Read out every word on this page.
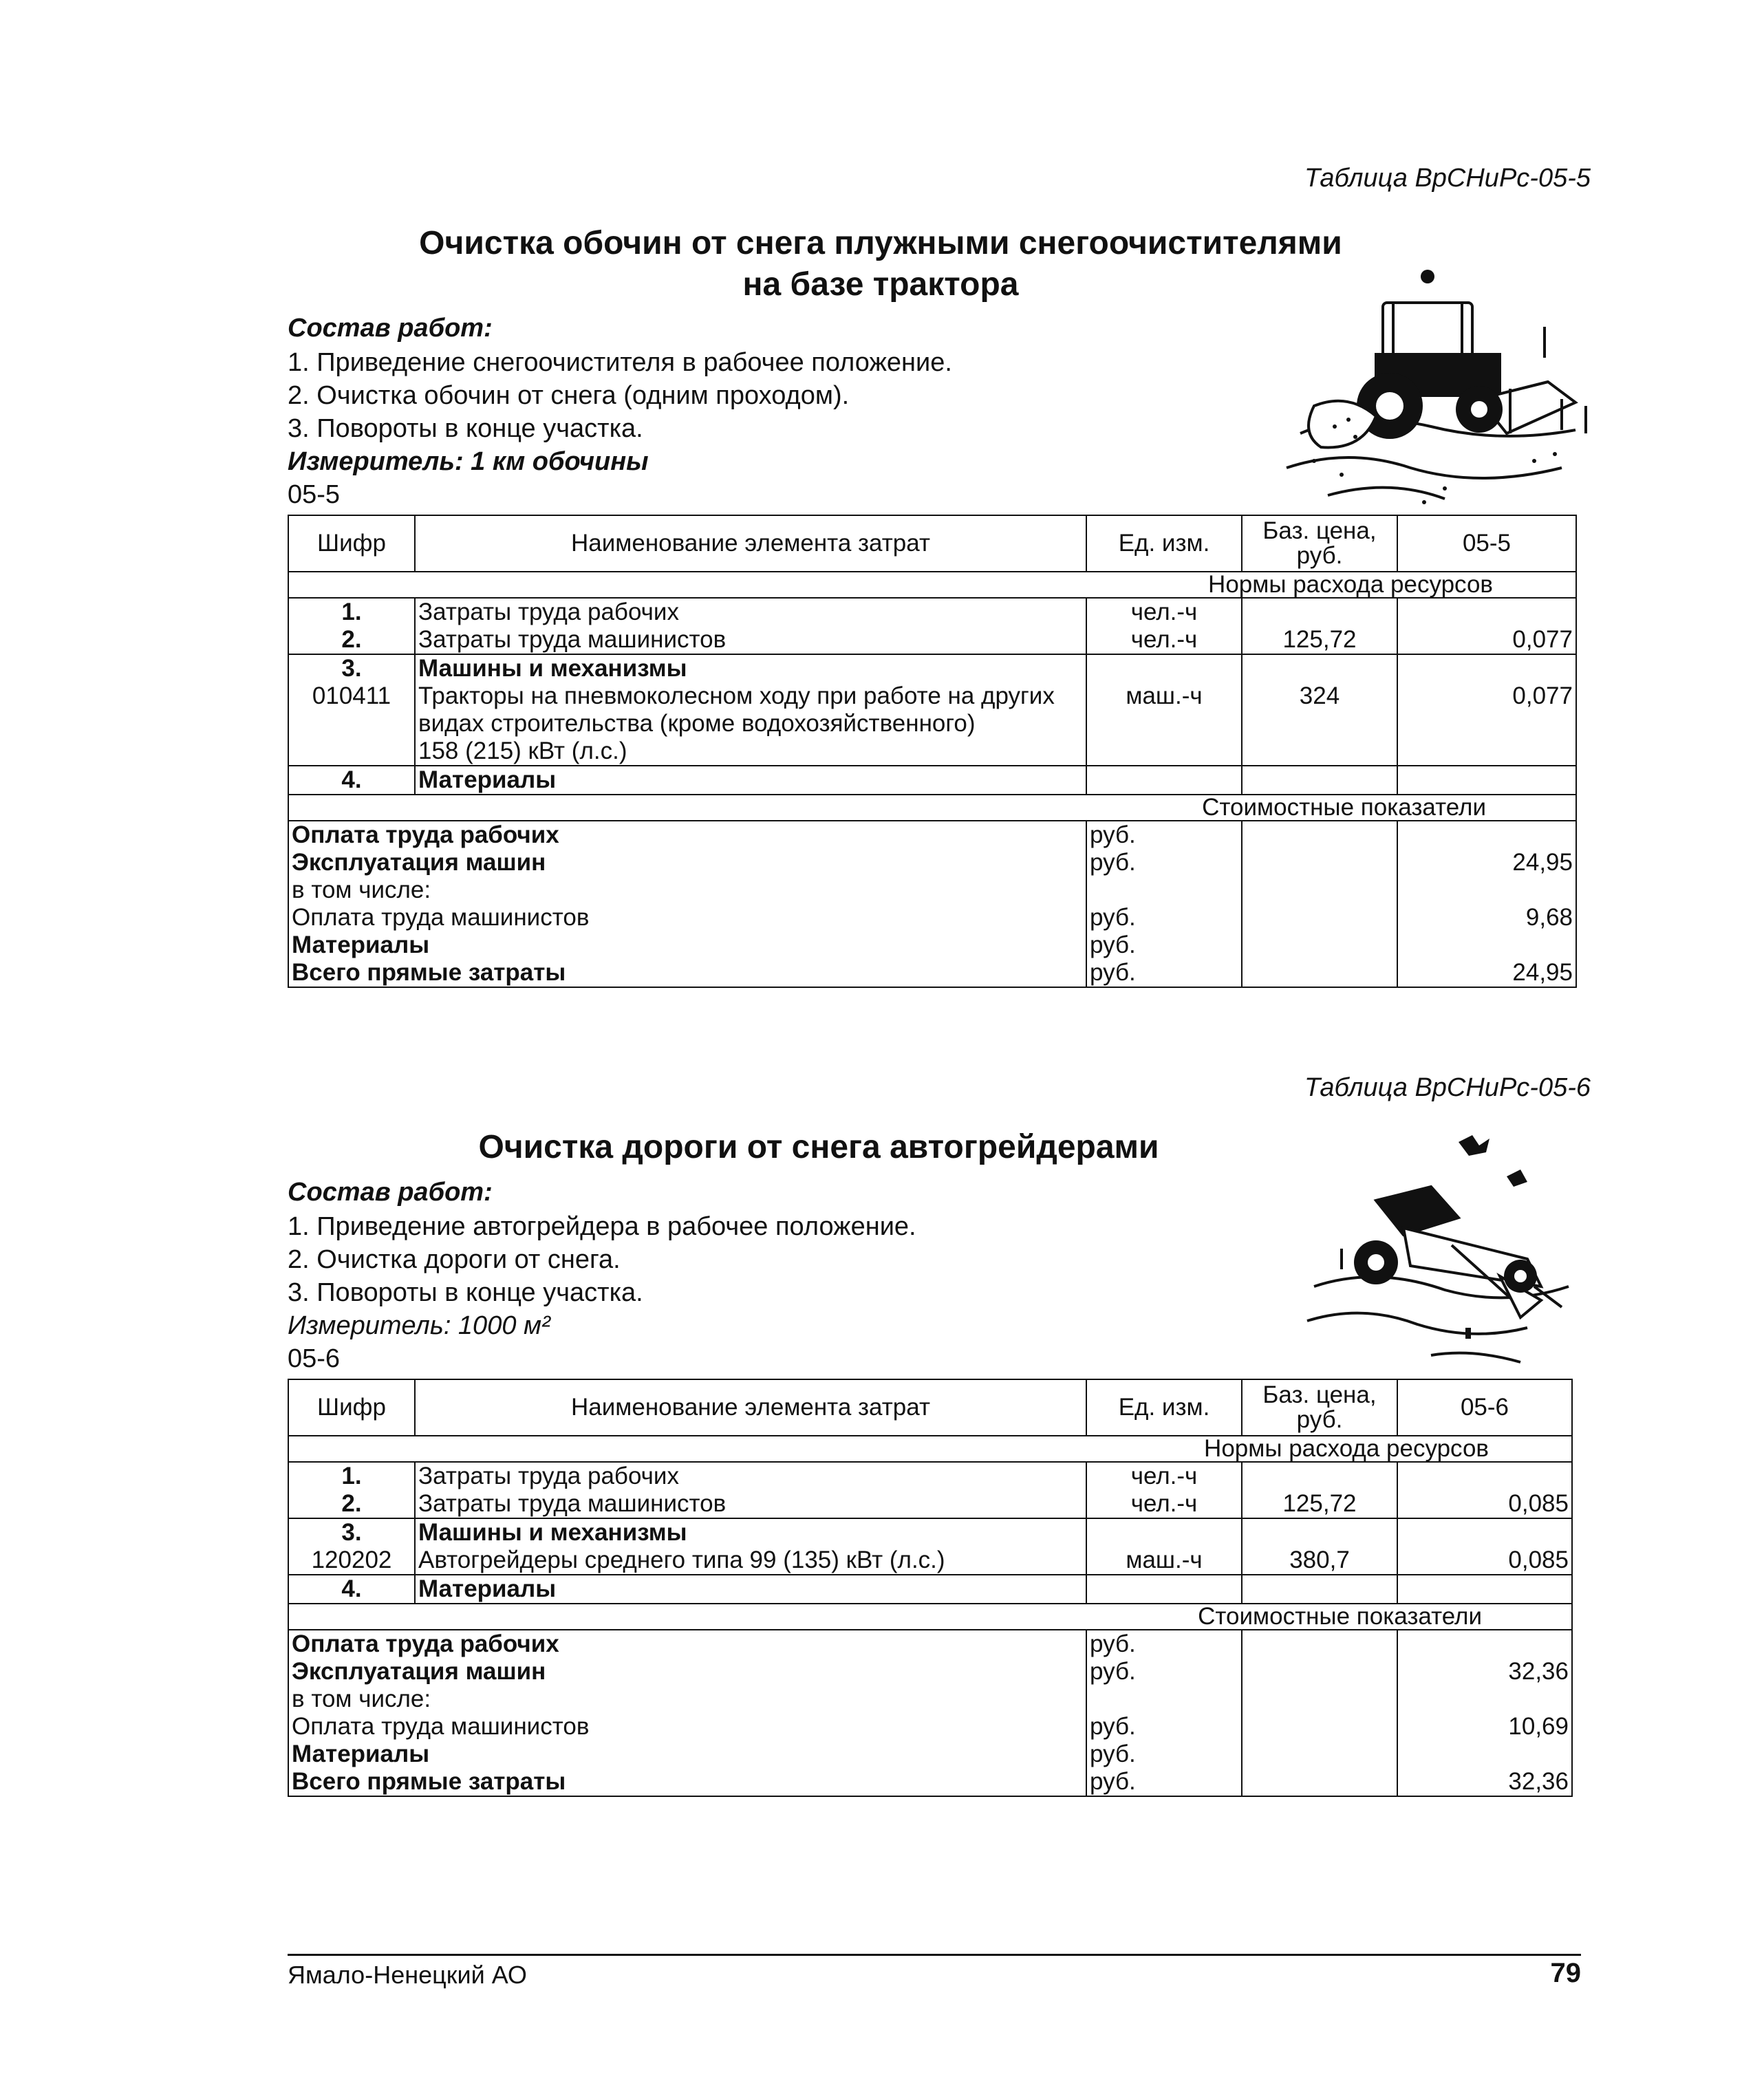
Таблица ВрСНиРс-05-5
Очистка обочин от снега плужными снегоочистителями
на базе трактора
Состав работ:
1. Приведение снегоочистителя в рабочее положение.
2. Очистка обочин от снега (одним проходом).
3. Повороты в конце участка.
Измеритель: 1 км обочины
05-5
Шифр	Наименование элемента затрат	Ед. изм.	Баз. цена, руб.	05-5
Нормы расхода ресурсов				
1.	Затраты труда рабочих	чел.-ч		
2.	Затраты труда машинистов	чел.-ч	125,72	0,077
3.	Машины и механизмы			
010411	Тракторы на пневмоколесном ходу при работе на других
видах строительства (кроме водохозяйственного)
158 (215) кВт (л.с.)	маш.-ч	324	0,077
4.	Материалы			
Стоимостные показатели				
Оплата труда рабочих		руб.		
Эксплуатация машин		руб.		24,95
в том числе:				
Оплата труда машинистов		руб.		9,68
Материалы		руб.		
Всего прямые затраты		руб.		24,95
Таблица ВрСНиРс-05-6
Очистка дороги от снега автогрейдерами
Состав работ:
1. Приведение автогрейдера в рабочее положение.
2. Очистка дороги от снега.
3. Повороты в конце участка.
Измеритель: 1000 м²
05-6
Шифр	Наименование элемента затрат	Ед. изм.	Баз. цена, руб.	05-6
Нормы расхода ресурсов				
1.	Затраты труда рабочих	чел.-ч		
2.	Затраты труда машинистов	чел.-ч	125,72	0,085
3.	Машины и механизмы			
120202	Автогрейдеры среднего типа 99 (135) кВт (л.с.)	маш.-ч	380,7	0,085
4.	Материалы			
Стоимостные показатели				
Оплата труда рабочих		руб.		
Эксплуатация машин		руб.		32,36
в том числе:				
Оплата труда машинистов		руб.		10,69
Материалы		руб.		
Всего прямые затраты		руб.		32,36
Ямало-Ненецкий АО	79
